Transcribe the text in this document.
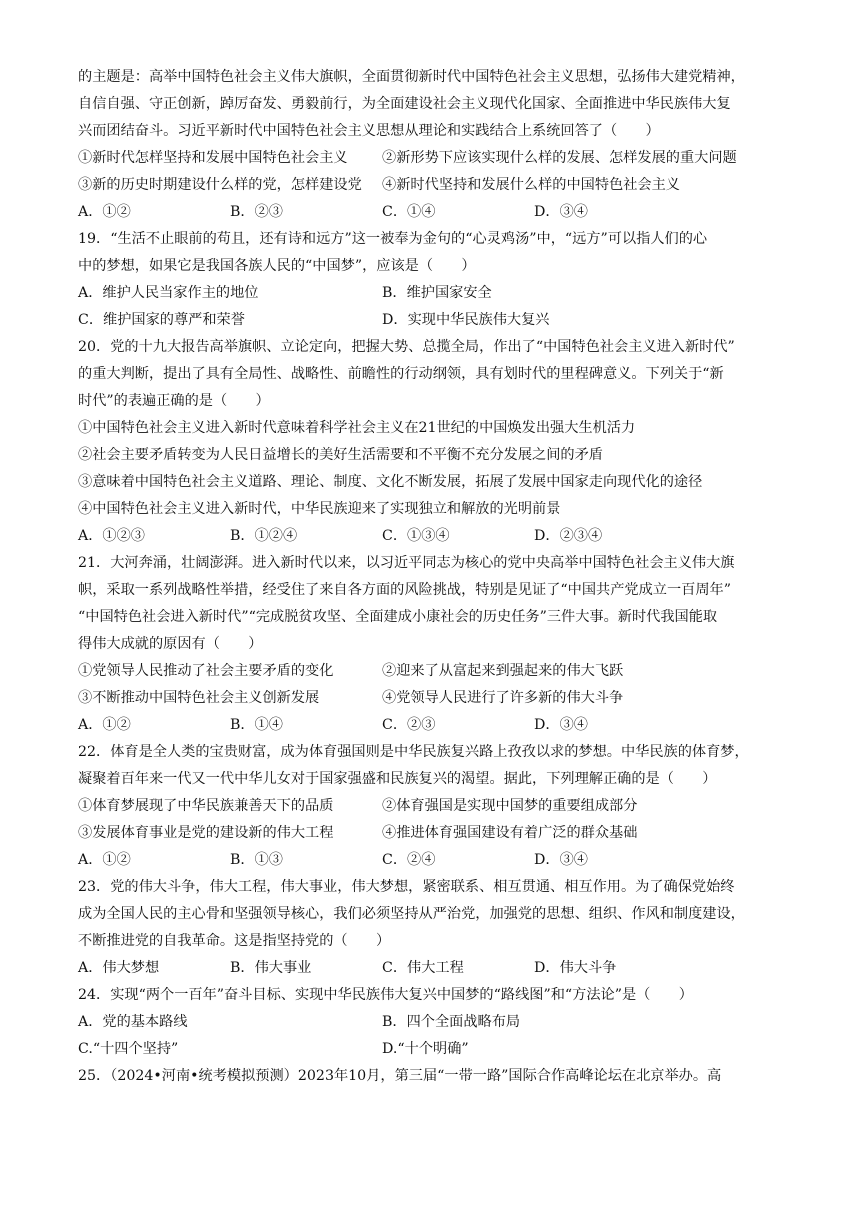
的主题是：高举中国特色社会主义伟大旗帜，全面贯彻新时代中国特色社会主义思想，弘扬伟大建党精神，
自信自强、守正创新，踔厉奋发、勇毅前行，为全面建设社会主义现代化国家、全面推进中华民族伟大复
兴而团结奋斗。习近平新时代中国特色社会主义思想从理论和实践结合上系统回答了（　　）
①新时代怎样坚持和发展中国特色社会主义	②新形势下应该实现什么样的发展、怎样发展的重大问题
③新的历史时期建设什么样的党，怎样建设党	④新时代坚持和发展什么样的中国特色社会主义
A．①②	B．②③	C．①④	D．③④
19．“生活不止眼前的苟且，还有诗和远方”这一被奉为金句的“心灵鸡汤”中，“远方”可以指人们的心
中的梦想，如果它是我国各族人民的“中国梦”，应该是（　　）
A．维护人民当家作主的地位	B．维护国家安全
C．维护国家的尊严和荣誉	D．实现中华民族伟大复兴
20．党的十九大报告高举旗帜、立论定向，把握大势、总揽全局，作出了“中国特色社会主义进入新时代”
的重大判断，提出了具有全局性、战略性、前瞻性的行动纲领，具有划时代的里程碑意义。下列关于“新
时代”的表遍正确的是（　　）
①中国特色社会主义进入新时代意味着科学社会主义在21世纪的中国焕发出强大生机活力
②社会主要矛盾转变为人民日益增长的美好生活需要和不平衡不充分发展之间的矛盾
③意味着中国特色社会主义道路、理论、制度、文化不断发展，拓展了发展中国家走向现代化的途径
④中国特色社会主义进入新时代，中华民族迎来了实现独立和解放的光明前景
A．①②③	B．①②④	C．①③④	D．②③④
21．大河奔涌，壮阔澎湃。进入新时代以来，以习近平同志为核心的党中央高举中国特色社会主义伟大旗
帜，采取一系列战略性举措，经受住了来自各方面的风险挑战，特别是见证了“中国共产党成立一百周年”
“中国特色社会进入新时代”“完成脱贫攻坚、全面建成小康社会的历史任务”三件大事。新时代我国能取
得伟大成就的原因有（　　）
①党领导人民推动了社会主要矛盾的变化	②迎来了从富起来到强起来的伟大飞跃
③不断推动中国特色社会主义创新发展	④党领导人民进行了许多新的伟大斗争
A．①②	B．①④	C．②③	D．③④
22．体育是全人类的宝贵财富，成为体育强国则是中华民族复兴路上孜孜以求的梦想。中华民族的体育梦，
凝聚着百年来一代又一代中华儿女对于国家强盛和民族复兴的渴望。据此，下列理解正确的是（　　）
①体育梦展现了中华民族兼善天下的品质	②体育强国是实现中国梦的重要组成部分
③发展体育事业是党的建设新的伟大工程	④推进体育强国建设有着广泛的群众基础
A．①②	B．①③	C．②④	D．③④
23．党的伟大斗争，伟大工程，伟大事业，伟大梦想，紧密联系、相互贯通、相互作用。为了确保党始终
成为全国人民的主心骨和坚强领导核心，我们必须坚持从严治党，加强党的思想、组织、作风和制度建设，
不断推进党的自我革命。这是指坚持党的（　　）
A．伟大梦想	B．伟大事业	C．伟大工程	D．伟大斗争
24．实现“两个一百年”奋斗目标、实现中华民族伟大复兴中国梦的“路线图”和“方法论”是（　　）
A．党的基本路线	B．四个全面战略布局
C.“十四个坚持”	D.“十个明确”
25．（2024•河南•统考模拟预测）2023年10月，第三届“一带一路”国际合作高峰论坛在北京举办。高
